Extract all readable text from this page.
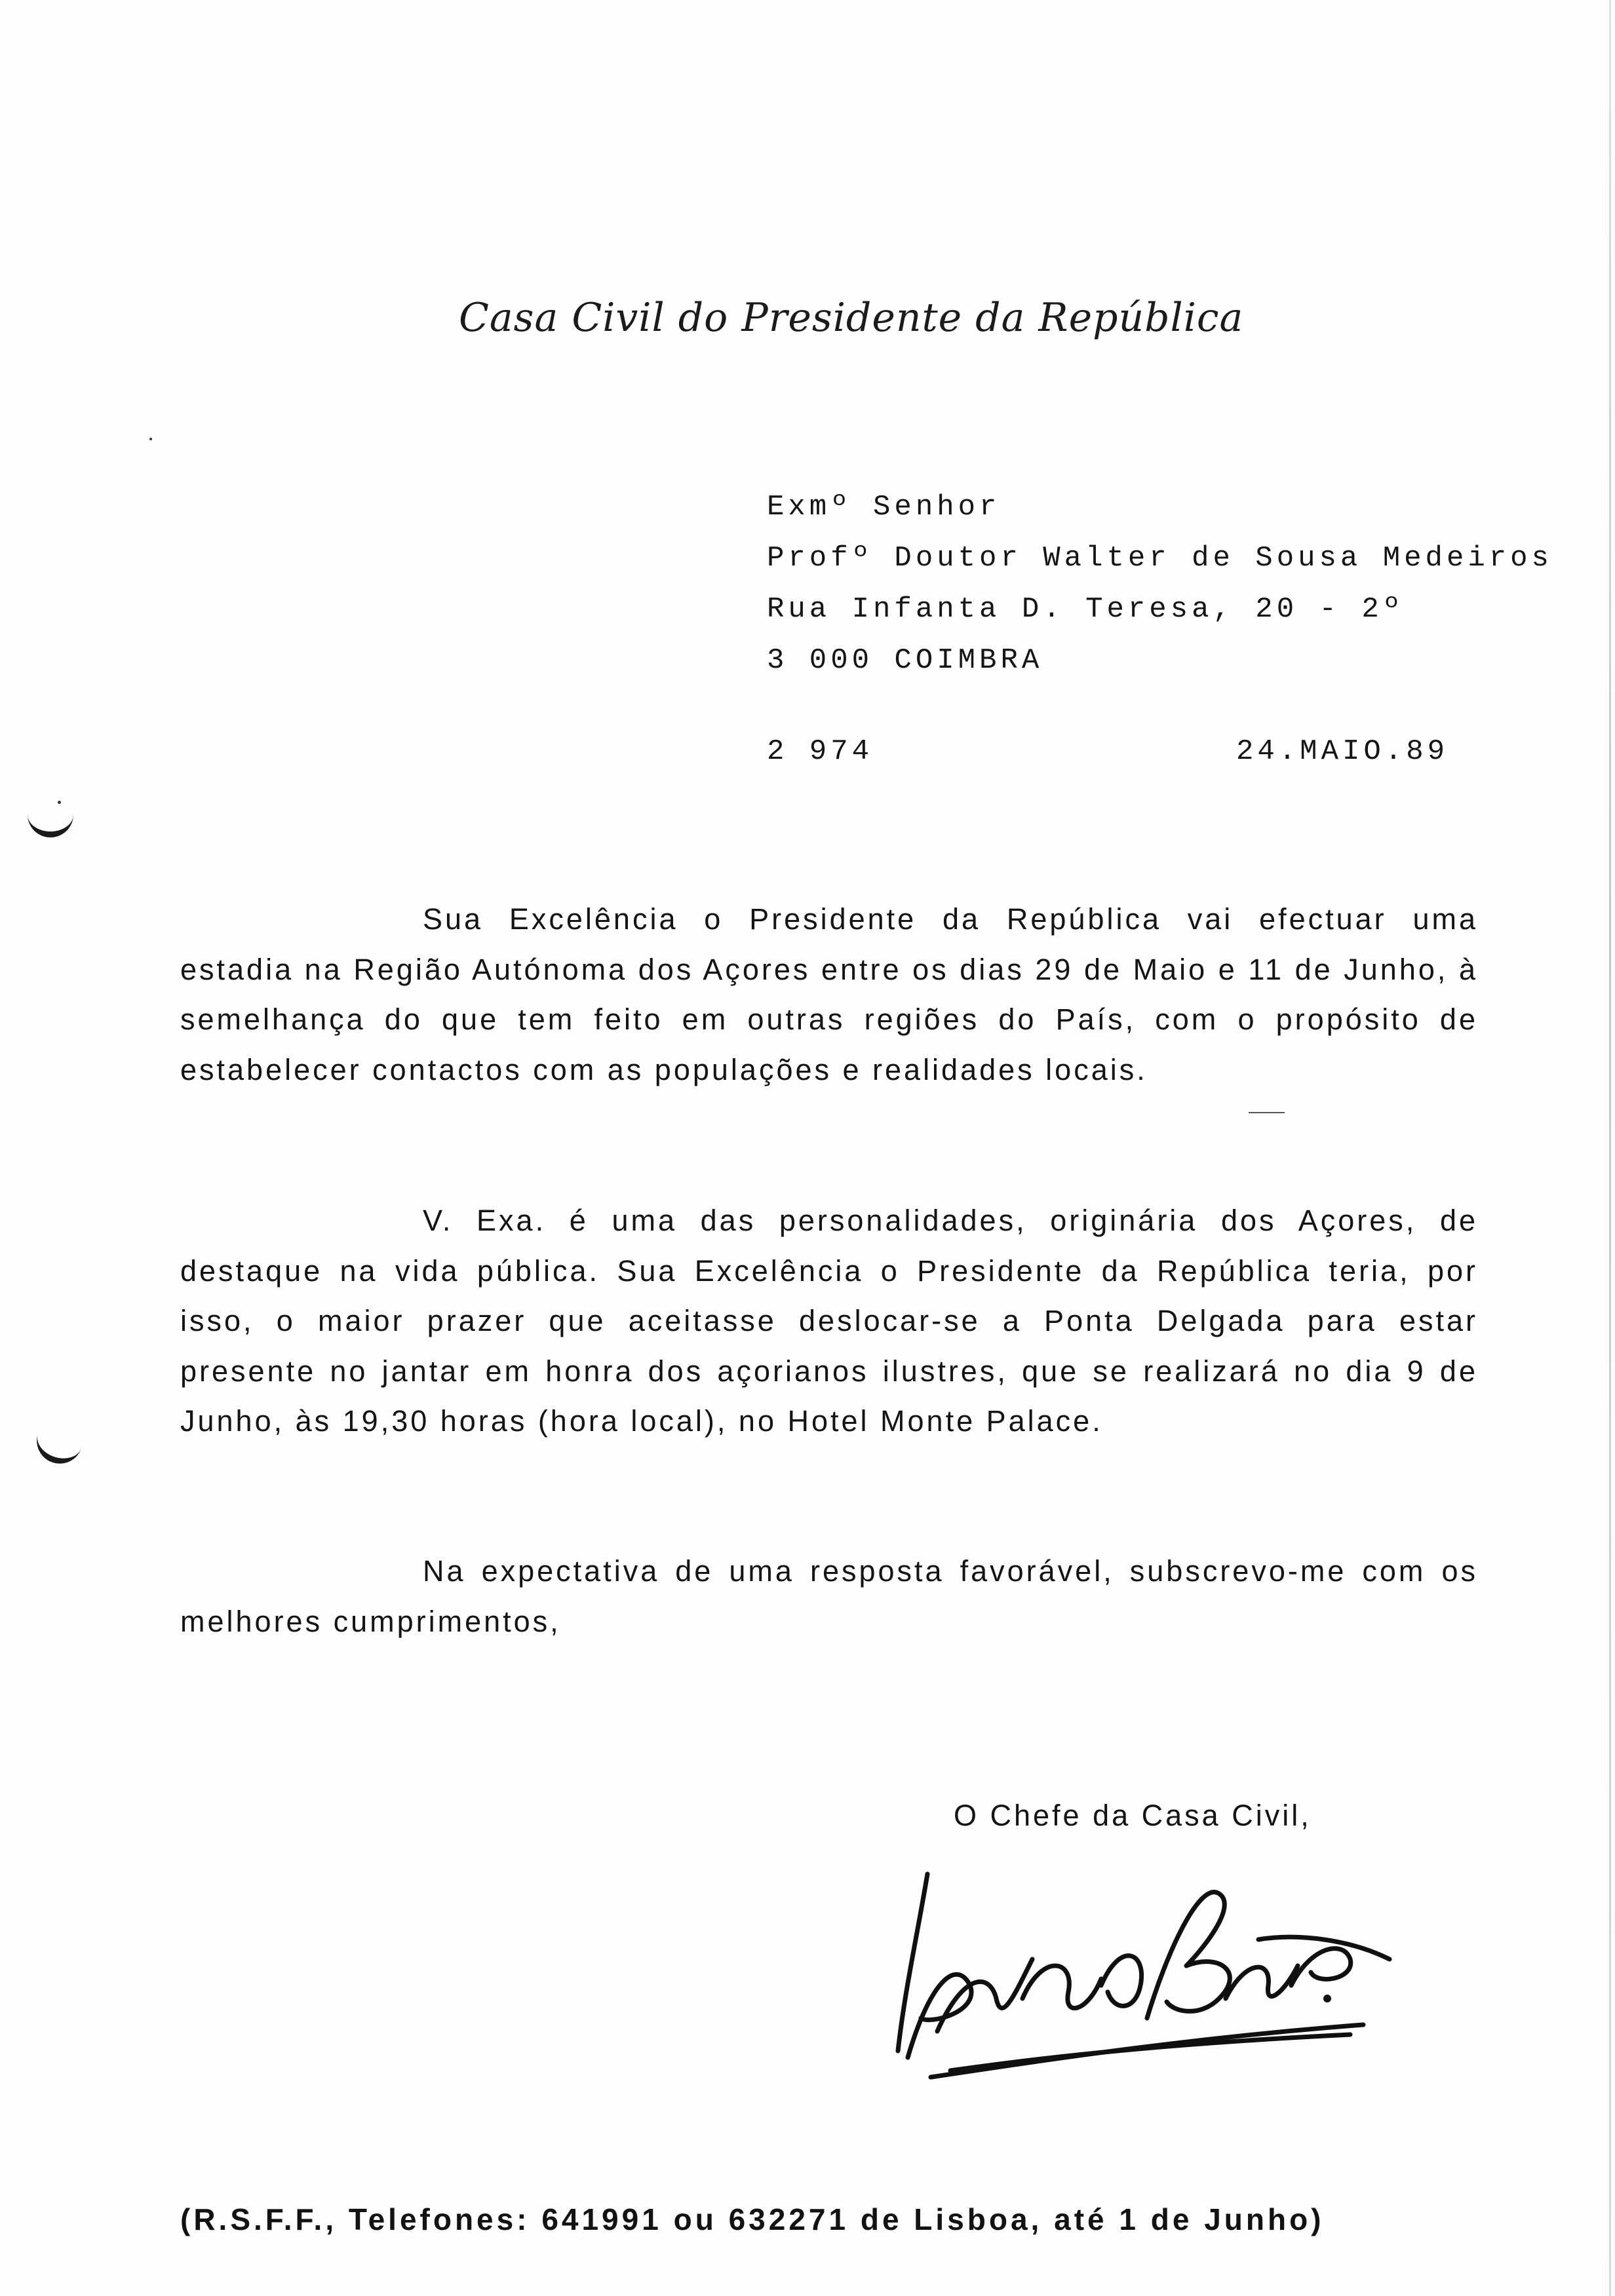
Casa Civil do Presidente da República
Exmº Senhor
Profº Doutor Walter de Sousa Medeiros
Rua Infanta D. Teresa, 20 - 2º
3 000 COIMBRA
2 974	24.MAIO.89

Sua Excelência o Presidente da República vai efectuar uma estadia na Região Autónoma dos Açores entre os dias 29 de Maio e 11 de Junho, à semelhança do que tem feito em outras regiões do País, com o propósito de estabelecer contactos com as populações e realidades locais.

V. Exa. é uma das personalidades, originária dos Açores, de destaque na vida pública. Sua Excelência o Presidente da República teria, por isso, o maior prazer que aceitasse deslocar-se a Ponta Delgada para estar presente no jantar em honra dos açorianos ilustres, que se realizará no dia 9 de Junho, às 19,30 horas (hora local), no Hotel Monte Palace.

Na expectativa de uma resposta favorável, subscrevo-me com os melhores cumprimentos,

O Chefe da Casa Civil,
(R.S.F.F., Telefones: 641991 ou 632271 de Lisboa, até 1 de Junho)
